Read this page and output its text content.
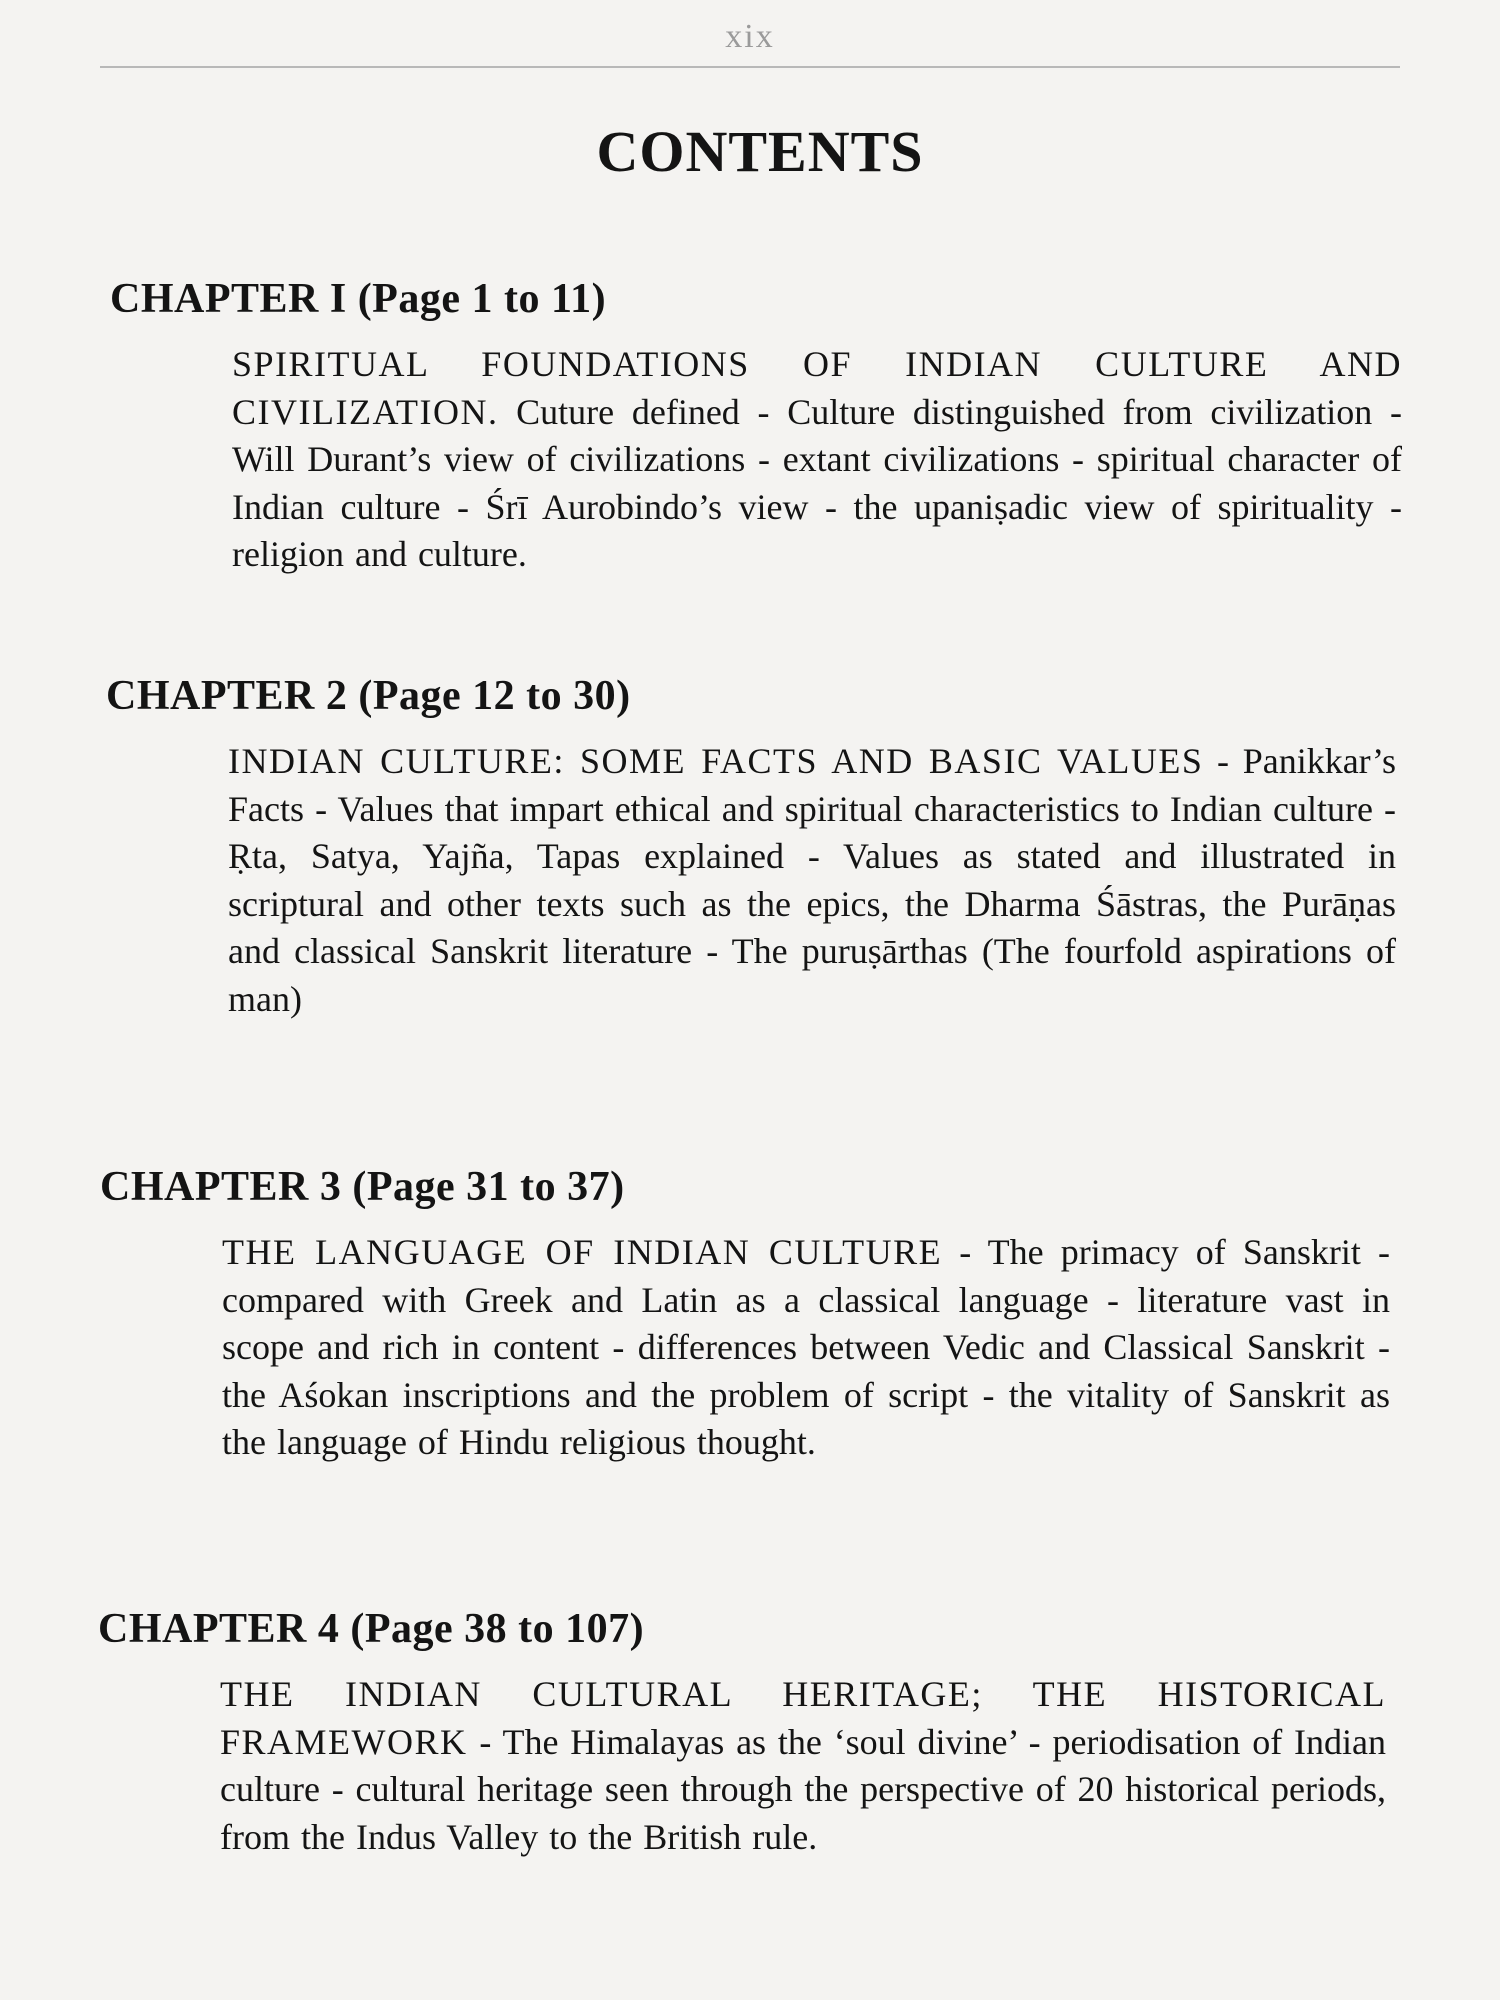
xix
CONTENTS
CHAPTER I (Page 1 to 11)

SPIRITUAL FOUNDATIONS OF INDIAN CULTURE AND CIVILIZATION. Cuture defined - Culture distinguished from civilization - Will Durant’s view of civilizations - extant civilizations - spiritual character of Indian culture - Śrī Aurobindo’s view - the upaniṣadic view of spirituality - religion and culture.

CHAPTER 2 (Page 12 to 30)

INDIAN CULTURE: SOME FACTS AND BASIC VALUES - Panikkar’s Facts - Values that impart ethical and spiritual characteristics to Indian culture - Ṛta, Satya, Yajña, Tapas explained - Values as stated and illustrated in scriptural and other texts such as the epics, the Dharma Śāstras, the Purāṇas and classical Sanskrit literature - The puruṣārthas (The fourfold aspirations of man)

CHAPTER 3 (Page 31 to 37)

THE LANGUAGE OF INDIAN CULTURE - The primacy of Sanskrit - compared with Greek and Latin as a classical language - literature vast in scope and rich in content - differences between Vedic and Classical Sanskrit - the Aśokan inscriptions and the problem of script - the vitality of Sanskrit as the language of Hindu religious thought.

CHAPTER 4 (Page 38 to 107)

THE INDIAN CULTURAL HERITAGE; THE HISTORICAL FRAMEWORK - The Himalayas as the ‘soul divine’ - periodisation of Indian culture - cultural heritage seen through the perspective of 20 historical periods, from the Indus Valley to the British rule.
